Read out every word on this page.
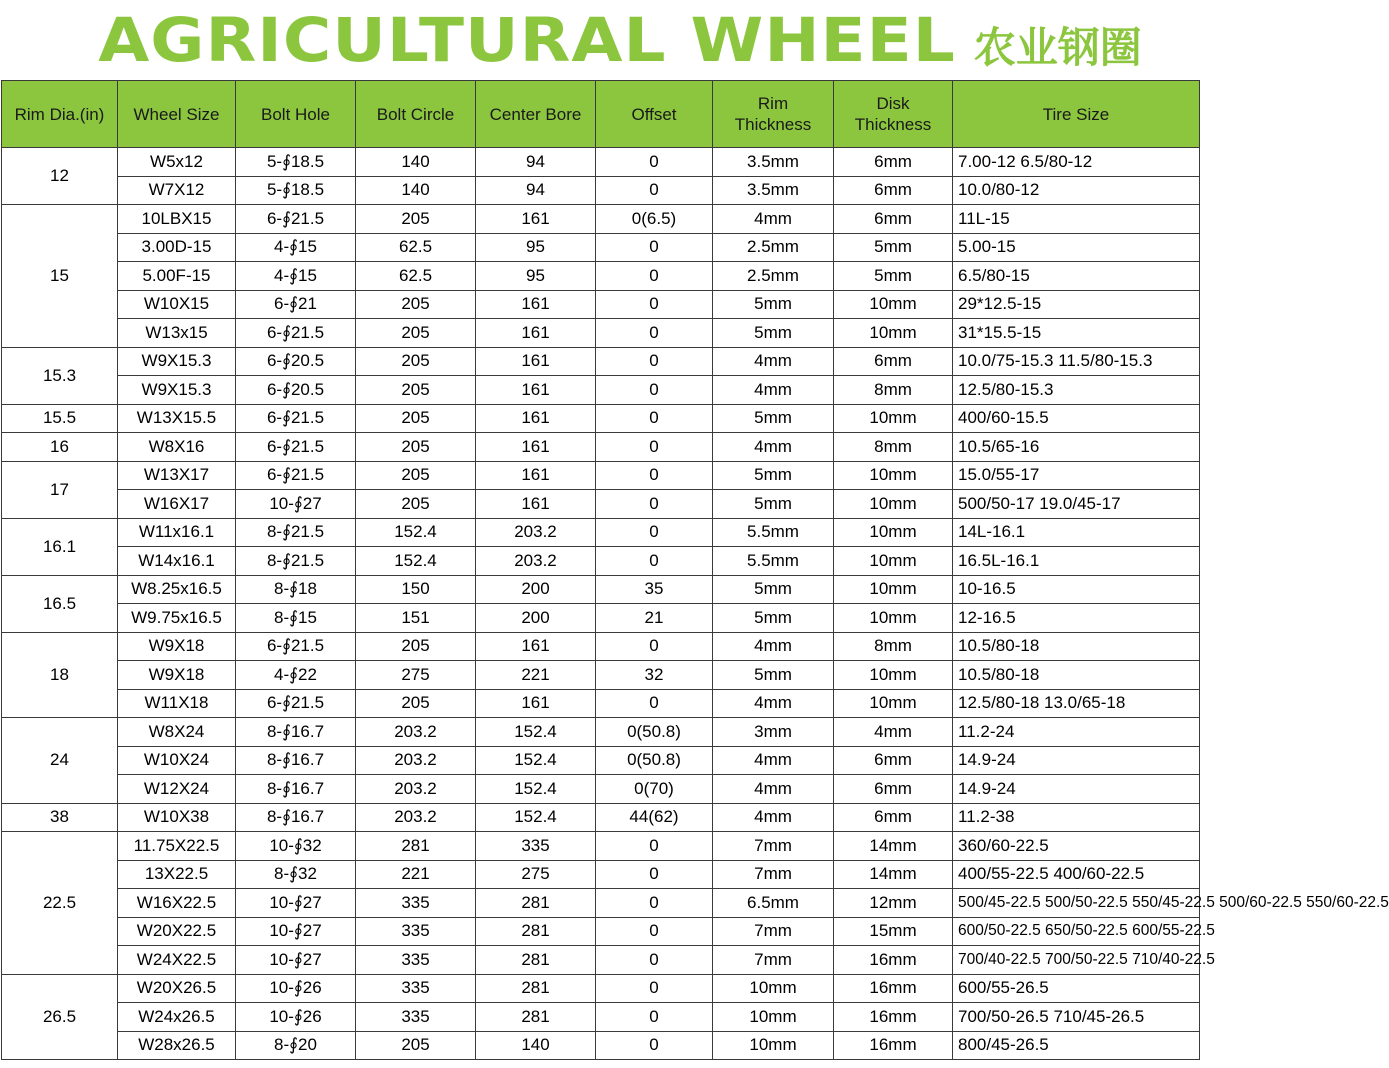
AGRICULTURAL WHEEL 农业钢圈
Rim Dia.(in)	Wheel Size	Bolt Hole	Bolt Circle	Center Bore	Offset	Rim Thickness	Disk Thickness	Tire Size
12	W5x12	5-∮18.5	140	94	0	3.5mm	6mm	7.00-12 6.5/80-12
	W7X12	5-∮18.5	140	94	0	3.5mm	6mm	10.0/80-12
15	10LBX15	6-∮21.5	205	161	0(6.5)	4mm	6mm	11L-15
	3.00D-15	4-∮15	62.5	95	0	2.5mm	5mm	5.00-15
	5.00F-15	4-∮15	62.5	95	0	2.5mm	5mm	6.5/80-15
	W10X15	6-∮21	205	161	0	5mm	10mm	29*12.5-15
	W13x15	6-∮21.5	205	161	0	5mm	10mm	31*15.5-15
15.3	W9X15.3	6-∮20.5	205	161	0	4mm	6mm	10.0/75-15.3 11.5/80-15.3
	W9X15.3	6-∮20.5	205	161	0	4mm	8mm	12.5/80-15.3
15.5	W13X15.5	6-∮21.5	205	161	0	5mm	10mm	400/60-15.5
16	W8X16	6-∮21.5	205	161	0	4mm	8mm	10.5/65-16
17	W13X17	6-∮21.5	205	161	0	5mm	10mm	15.0/55-17
	W16X17	10-∮27	205	161	0	5mm	10mm	500/50-17 19.0/45-17
16.1	W11x16.1	8-∮21.5	152.4	203.2	0	5.5mm	10mm	14L-16.1
	W14x16.1	8-∮21.5	152.4	203.2	0	5.5mm	10mm	16.5L-16.1
16.5	W8.25x16.5	8-∮18	150	200	35	5mm	10mm	10-16.5
	W9.75x16.5	8-∮15	151	200	21	5mm	10mm	12-16.5
18	W9X18	6-∮21.5	205	161	0	4mm	8mm	10.5/80-18
	W9X18	4-∮22	275	221	32	5mm	10mm	10.5/80-18
	W11X18	6-∮21.5	205	161	0	4mm	10mm	12.5/80-18 13.0/65-18
24	W8X24	8-∮16.7	203.2	152.4	0(50.8)	3mm	4mm	11.2-24
	W10X24	8-∮16.7	203.2	152.4	0(50.8)	4mm	6mm	14.9-24
	W12X24	8-∮16.7	203.2	152.4	0(70)	4mm	6mm	14.9-24
38	W10X38	8-∮16.7	203.2	152.4	44(62)	4mm	6mm	11.2-38
22.5	11.75X22.5	10-∮32	281	335	0	7mm	14mm	360/60-22.5
	13X22.5	8-∮32	221	275	0	7mm	14mm	400/55-22.5 400/60-22.5
	W16X22.5	10-∮27	335	281	0	6.5mm	12mm	500/45-22.5 500/50-22.5 550/45-22.5 500/60-22.5 550/60-22.5
	W20X22.5	10-∮27	335	281	0	7mm	15mm	600/50-22.5 650/50-22.5 600/55-22.5
	W24X22.5	10-∮27	335	281	0	7mm	16mm	700/40-22.5 700/50-22.5 710/40-22.5
26.5	W20X26.5	10-∮26	335	281	0	10mm	16mm	600/55-26.5
	W24x26.5	10-∮26	335	281	0	10mm	16mm	700/50-26.5 710/45-26.5
	W28x26.5	8-∮20	205	140	0	10mm	16mm	800/45-26.5
